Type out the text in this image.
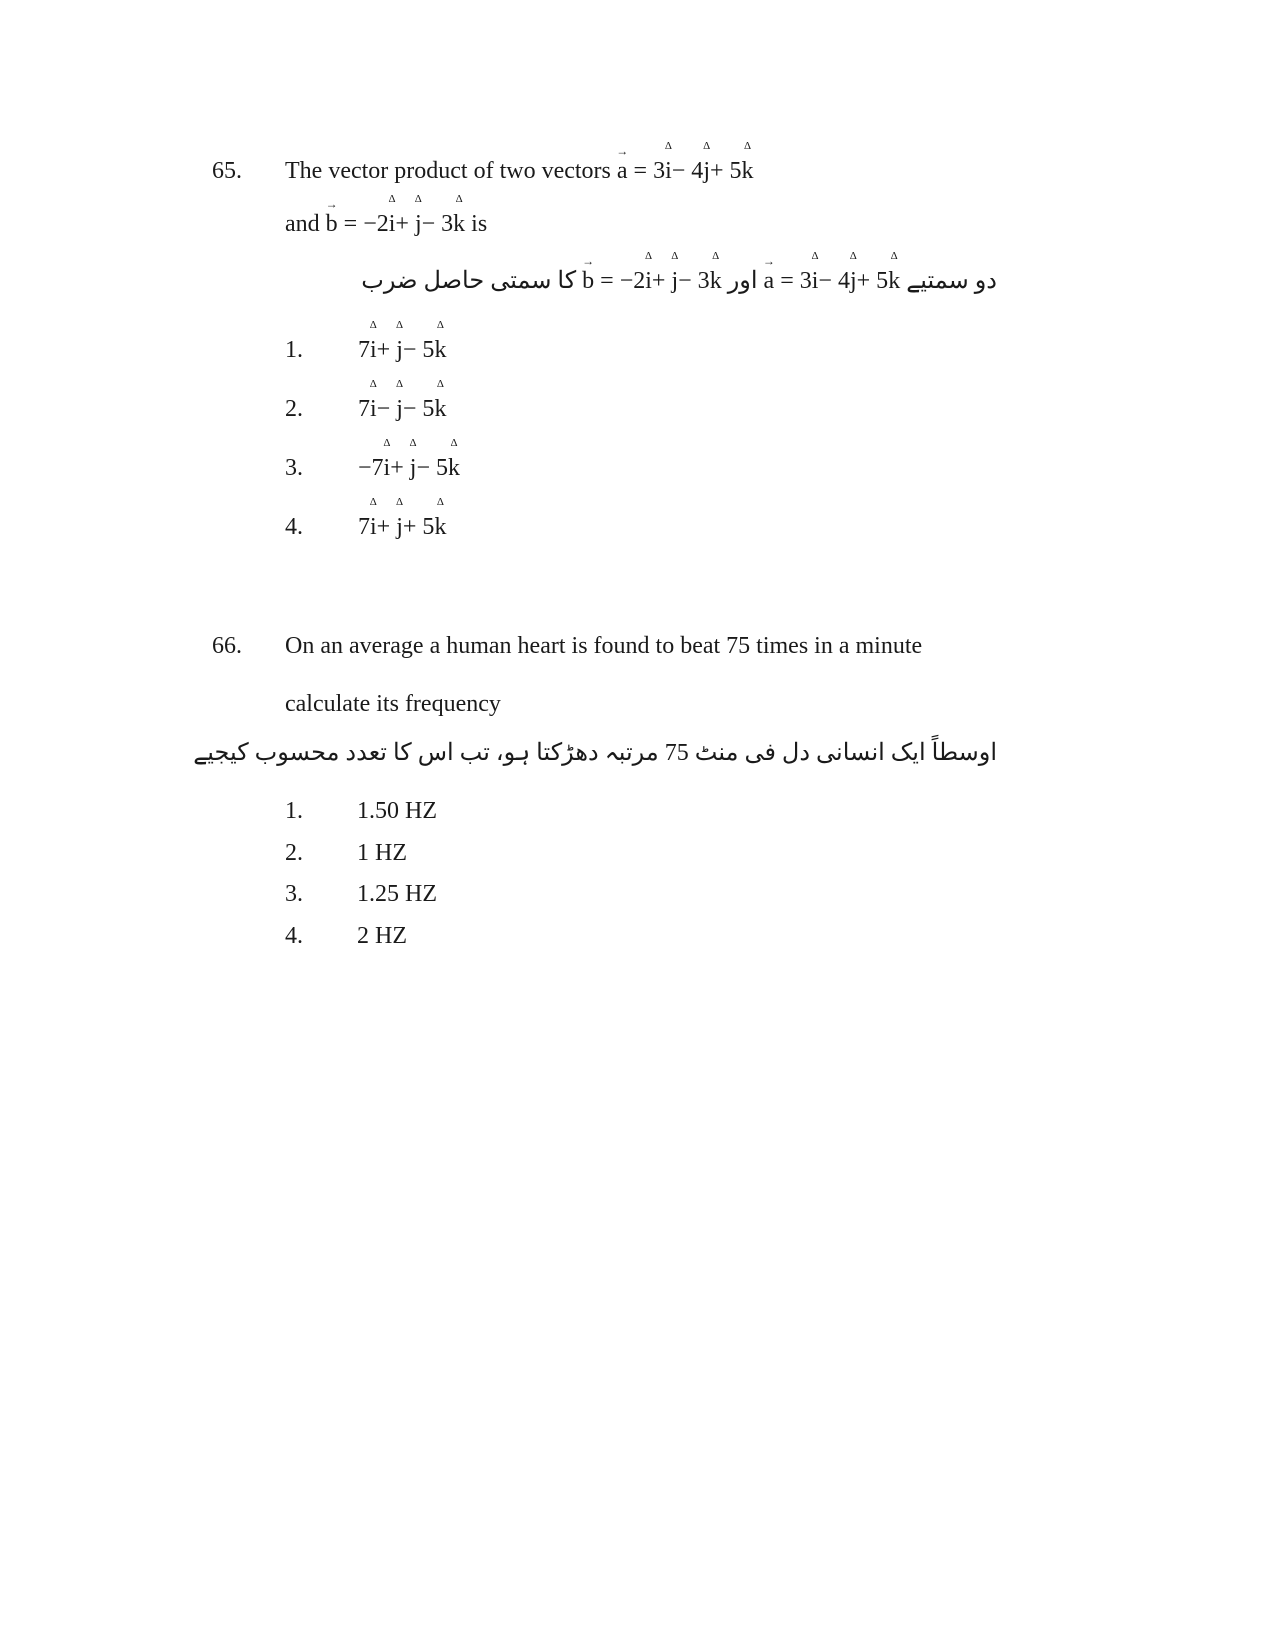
65. The vector product of two vectors → a = 3Δ i− 4Δ j+ 5Δ k
and → b = −2Δ i+ Δ j− 3Δ k is
دو سمتیے → a = 3Δ i− 4Δ j+ 5Δ k اور → b = −2Δ i+ Δ j− 3Δ k کا سمتی حاصل ضرب
1. 7Δ i+ Δ j− 5Δ k
2. 7Δ i− Δ j− 5Δ k
3. −7Δ i+ Δ j− 5Δ k
4. 7Δ i+ Δ j+ 5Δ k
66. On an average a human heart is found to beat 75 times in a minute
calculate its frequency
اوسطاً ایک انسانی دل فی منٹ 75 مرتبہ دھڑکتا ہو، تب اس کا تعدد محسوب کیجیے
1. 1.50 HZ
2. 1 HZ
3. 1.25 HZ
4. 2 HZ
